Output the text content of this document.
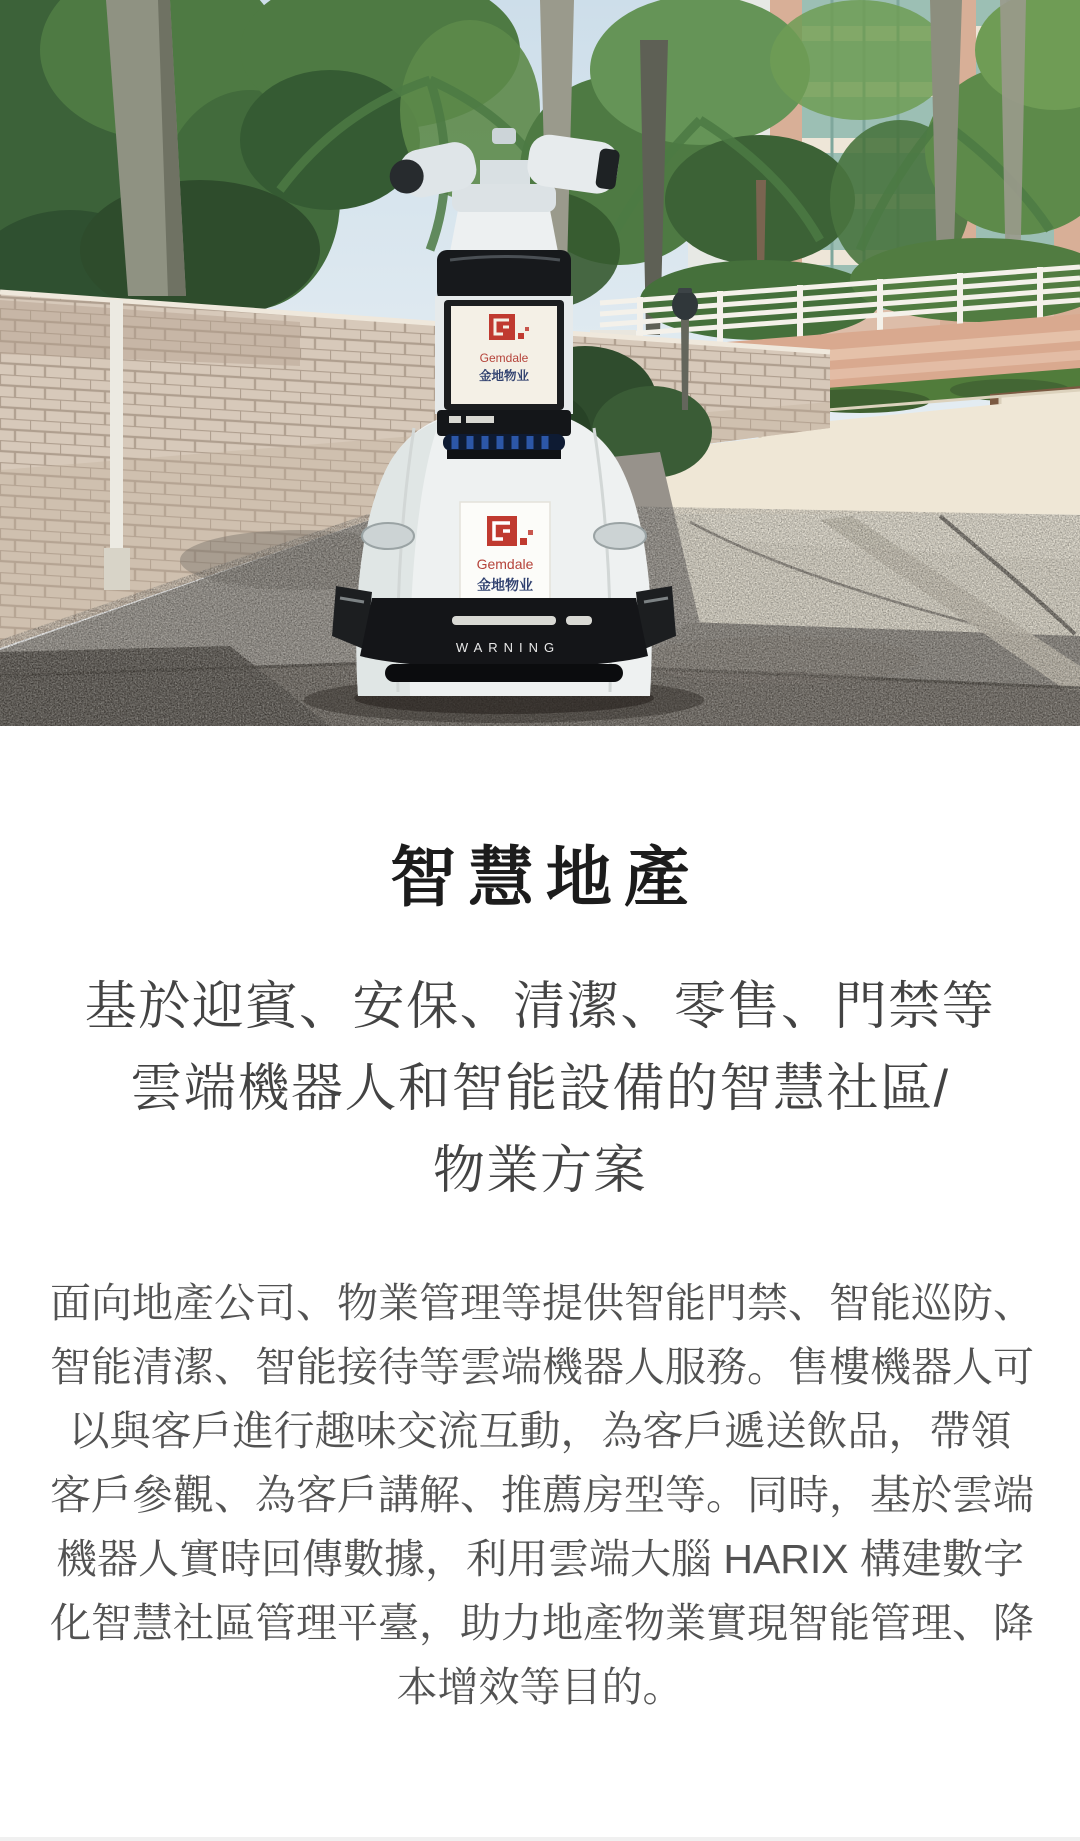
Gemdale
金地物业
WARNING
Gemdale
金地物业
智慧地產
基於迎賓、安保、清潔、零售、門禁等
雲端機器人和智能設備的智慧社區/
物業方案
面向地產公司、物業管理等提供智能門禁、智能巡防、
智能清潔、智能接待等雲端機器人服務。售樓機器人可
以與客戶進行趣味交流互動，為客戶遞送飲品，帶領
客戶參觀、為客戶講解、推薦房型等。同時，基於雲端
機器人實時回傳數據，利用雲端大腦 HARIX 構建數字
化智慧社區管理平臺，助力地產物業實現智能管理、降
本增效等目的。
